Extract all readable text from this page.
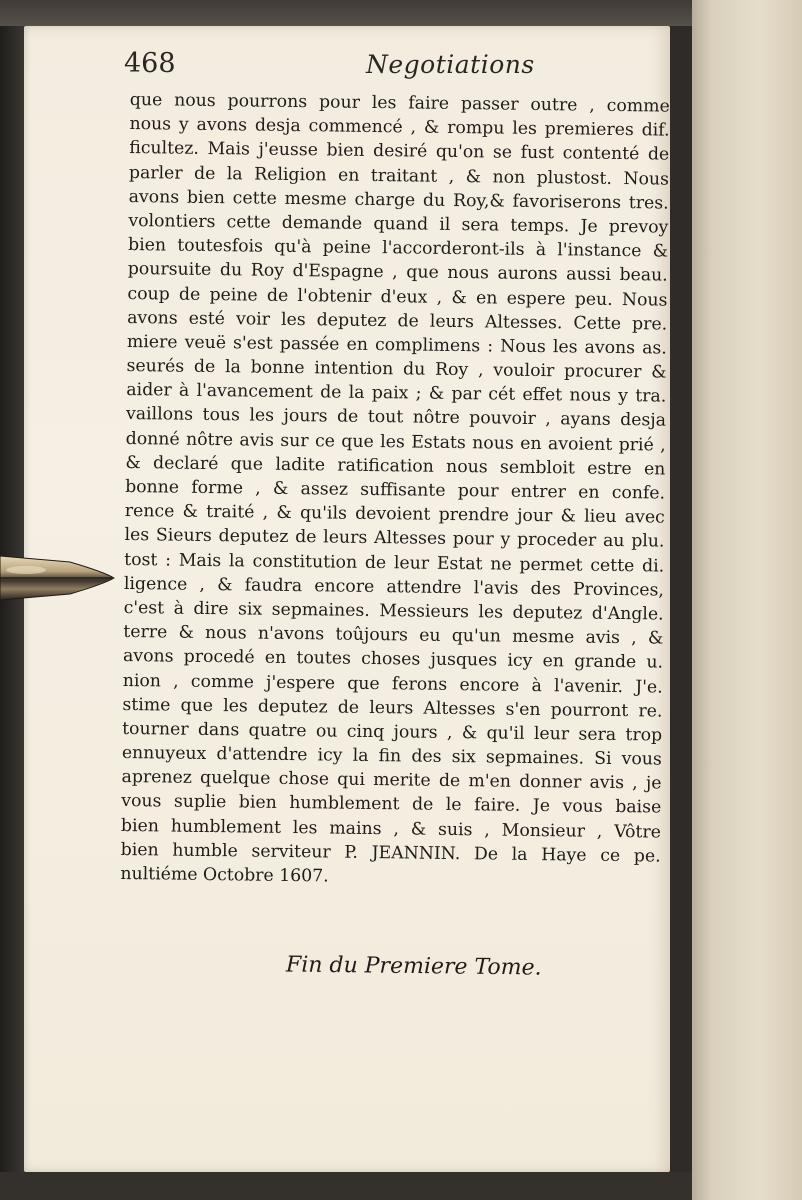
468	Negotiations
que nous pourrons pour les faire passer outre , comme
nous y avons desja commencé , & rompu les premieres dif.
ficultez. Mais j'eusse bien desiré qu'on se fust contenté de
parler de la Religion en traitant , & non plustost. Nous
avons bien cette mesme charge du Roy,& favoriserons tres.
volontiers cette demande quand il sera temps. Je prevoy
bien toutesfois qu'à peine l'accorderont-ils à l'instance &
poursuite du Roy d'Espagne , que nous aurons aussi beau.
coup de peine de l'obtenir d'eux , & en espere peu. Nous
avons esté voir les deputez de leurs Altesses. Cette pre.
miere veuë s'est passée en complimens : Nous les avons as.
seurés de la bonne intention du Roy , vouloir procurer &
aider à l'avancement de la paix ; & par cét effet nous y tra.
vaillons tous les jours de tout nôtre pouvoir , ayans desja
donné nôtre avis sur ce que les Estats nous en avoient prié ,
& declaré que ladite ratification nous sembloit estre en
bonne forme , & assez suffisante pour entrer en confe.
rence & traité , & qu'ils devoient prendre jour & lieu avec
les Sieurs deputez de leurs Altesses pour y proceder au plu.
tost : Mais la constitution de leur Estat ne permet cette di.
ligence , & faudra encore attendre l'avis des Provinces,
c'est à dire six sepmaines. Messieurs les deputez d'Angle.
terre & nous n'avons toûjours eu qu'un mesme avis , &
avons procedé en toutes choses jusques icy en grande u.
nion , comme j'espere que ferons encore à l'avenir. J'e.
stime que les deputez de leurs Altesses s'en pourront re.
tourner dans quatre ou cinq jours , & qu'il leur sera trop
ennuyeux d'attendre icy la fin des six sepmaines. Si vous
aprenez quelque chose qui merite de m'en donner avis , je
vous suplie bien humblement de le faire. Je vous baise
bien humblement les mains , & suis , Monsieur , Vôtre
bien humble serviteur P. JEANNIN. De la Haye ce pe.
nultiéme Octobre 1607.
Fin du Premiere Tome.
